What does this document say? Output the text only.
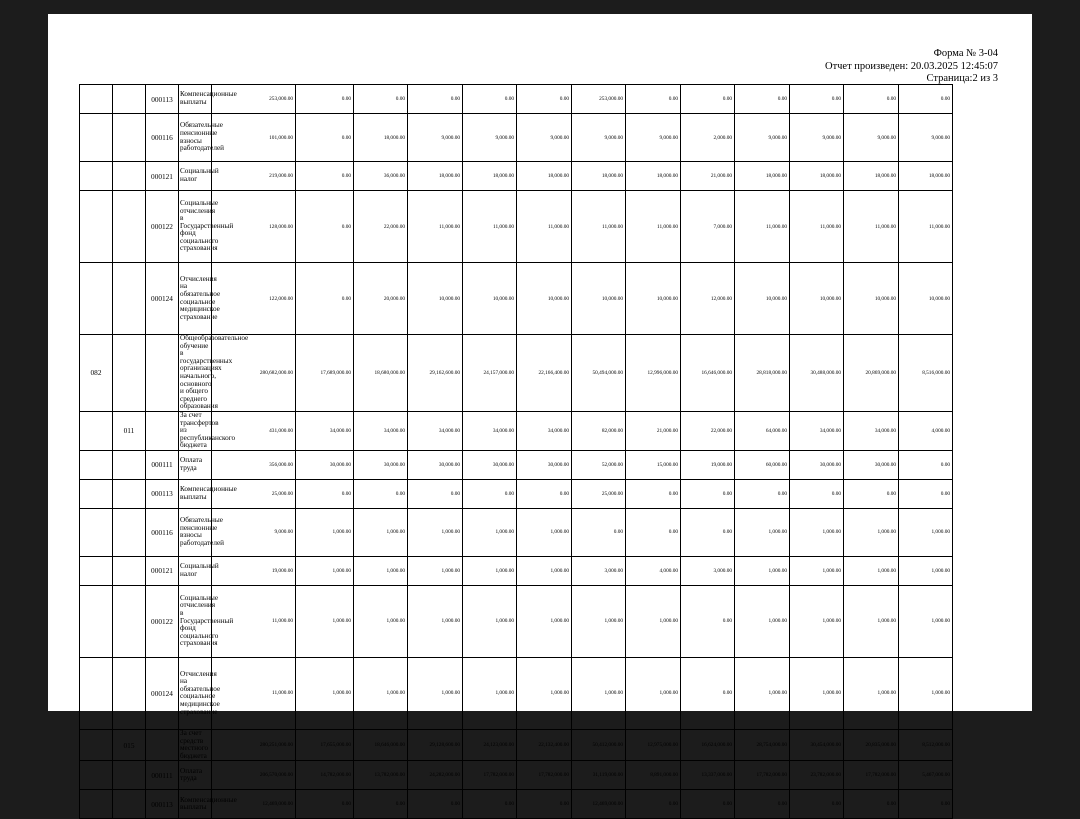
Форма № 3-04
Отчет произведен: 20.03.2025 12:45:07
Страница:2 из 3
		000113	Компенсационные выплаты	253,000.00	0.00	0.00	0.00	0.00	0.00	253,000.00	0.00	0.00	0.00	0.00	0.00	0.00
		000116	Обязательные пенсионные взносы работодателей	101,000.00	0.00	18,000.00	9,000.00	9,000.00	9,000.00	9,000.00	9,000.00	2,000.00	9,000.00	9,000.00	9,000.00	9,000.00
		000121	Социальный налог	219,000.00	0.00	36,000.00	18,000.00	18,000.00	18,000.00	18,000.00	18,000.00	21,000.00	18,000.00	18,000.00	18,000.00	18,000.00
		000122	Социальные отчисления в Государственный фонд социального страхования	128,000.00	0.00	22,000.00	11,000.00	11,000.00	11,000.00	11,000.00	11,000.00	7,000.00	11,000.00	11,000.00	11,000.00	11,000.00
		000124	Отчисления на обязательное социальное медицинское страхование	122,000.00	0.00	20,000.00	10,000.00	10,000.00	10,000.00	10,000.00	10,000.00	12,000.00	10,000.00	10,000.00	10,000.00	10,000.00
082			Общеобразовательное обучение в государственных организациях начального, основного и общего среднего образования	280,682,000.00	17,689,000.00	18,680,000.00	29,162,600.00	24,157,000.00	22,166,400.00	50,494,000.00	12,996,000.00	16,646,000.00	28,818,000.00	30,488,000.00	20,869,000.00	8,516,000.00
	011		За счет трансфертов из республиканского бюджета	431,000.00	34,000.00	34,000.00	34,000.00	34,000.00	34,000.00	82,000.00	21,000.00	22,000.00	64,000.00	34,000.00	34,000.00	4,000.00
		000111	Оплата труда	356,000.00	30,000.00	30,000.00	30,000.00	30,000.00	30,000.00	52,000.00	15,000.00	19,000.00	60,000.00	30,000.00	30,000.00	0.00
		000113	Компенсационные выплаты	25,000.00	0.00	0.00	0.00	0.00	0.00	25,000.00	0.00	0.00	0.00	0.00	0.00	0.00
		000116	Обязательные пенсионные взносы работодателей	9,000.00	1,000.00	1,000.00	1,000.00	1,000.00	1,000.00	0.00	0.00	0.00	1,000.00	1,000.00	1,000.00	1,000.00
		000121	Социальный налог	19,000.00	1,000.00	1,000.00	1,000.00	1,000.00	1,000.00	3,000.00	4,000.00	3,000.00	1,000.00	1,000.00	1,000.00	1,000.00
		000122	Социальные отчисления в Государственный фонд социального страхования	11,000.00	1,000.00	1,000.00	1,000.00	1,000.00	1,000.00	1,000.00	1,000.00	0.00	1,000.00	1,000.00	1,000.00	1,000.00
		000124	Отчисления на обязательное социальное медицинское страхование	11,000.00	1,000.00	1,000.00	1,000.00	1,000.00	1,000.00	1,000.00	1,000.00	0.00	1,000.00	1,000.00	1,000.00	1,000.00
	015		За счет средств местного бюджета	280,251,000.00	17,655,000.00	18,646,000.00	29,128,600.00	24,123,000.00	22,132,400.00	50,412,000.00	12,975,000.00	16,624,000.00	28,754,000.00	30,454,000.00	20,835,000.00	8,512,000.00
		000111	Оплата труда	206,570,000.00	14,782,000.00	13,782,000.00	24,282,000.00	17,782,000.00	17,782,000.00	31,119,000.00	8,891,000.00	13,337,000.00	17,782,000.00	23,782,000.00	17,782,000.00	5,467,000.00
		000113	Компенсационные выплаты	12,469,000.00	0.00	0.00	0.00	0.00	0.00	12,469,000.00	0.00	0.00	0.00	0.00	0.00	0.00
